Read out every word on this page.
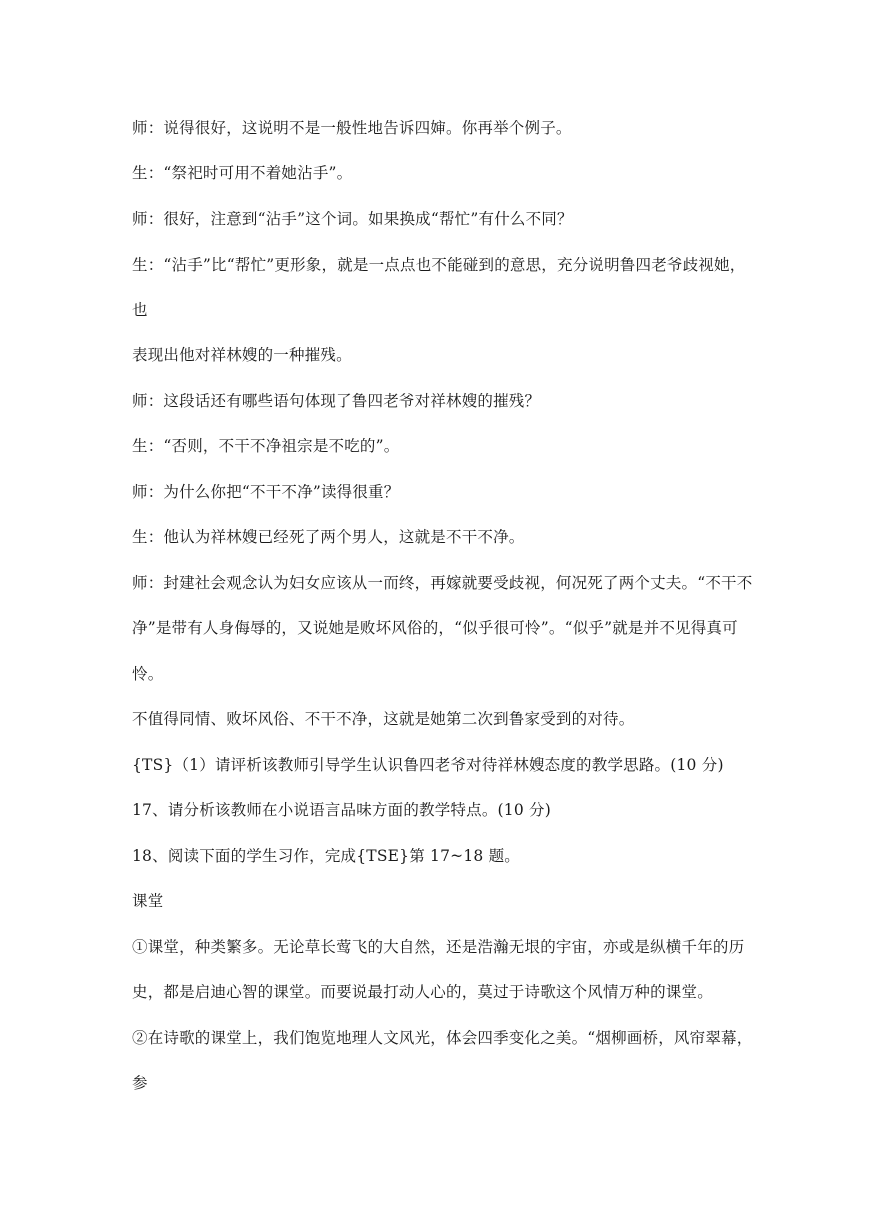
师：说得很好，这说明不是一般性地告诉四婶。你再举个例子。
生：“祭祀时可用不着她沾手”。
师：很好，注意到“沾手”这个词。如果换成“帮忙”有什么不同？
生：“沾手”比“帮忙”更形象，就是一点点也不能碰到的意思，充分说明鲁四老爷歧视她，
也
表现出他对祥林嫂的一种摧残。
师：这段话还有哪些语句体现了鲁四老爷对祥林嫂的摧残？
生：“否则，不干不净祖宗是不吃的”。
师：为什么你把“不干不净”读得很重？
生：他认为祥林嫂已经死了两个男人，这就是不干不净。
师：封建社会观念认为妇女应该从一而终，再嫁就要受歧视，何况死了两个丈夫。“不干不
净”是带有人身侮辱的，又说她是败坏风俗的，“似乎很可怜”。“似乎”就是并不见得真可
怜。
不值得同情、败坏风俗、不干不净，这就是她第二次到鲁家受到的对待。
{TS}（1）请评析该教师引导学生认识鲁四老爷对待祥林嫂态度的教学思路。(10 分)
17、请分析该教师在小说语言品味方面的教学特点。(10 分)
18、阅读下面的学生习作，完成{TSE}第 17~18 题。
课堂
①课堂，种类繁多。无论草长莺飞的大自然，还是浩瀚无垠的宇宙，亦或是纵横千年的历
史，都是启迪心智的课堂。而要说最打动人心的，莫过于诗歌这个风情万种的课堂。
②在诗歌的课堂上，我们饱览地理人文风光，体会四季变化之美。“烟柳画桥，风帘翠幕，
参
